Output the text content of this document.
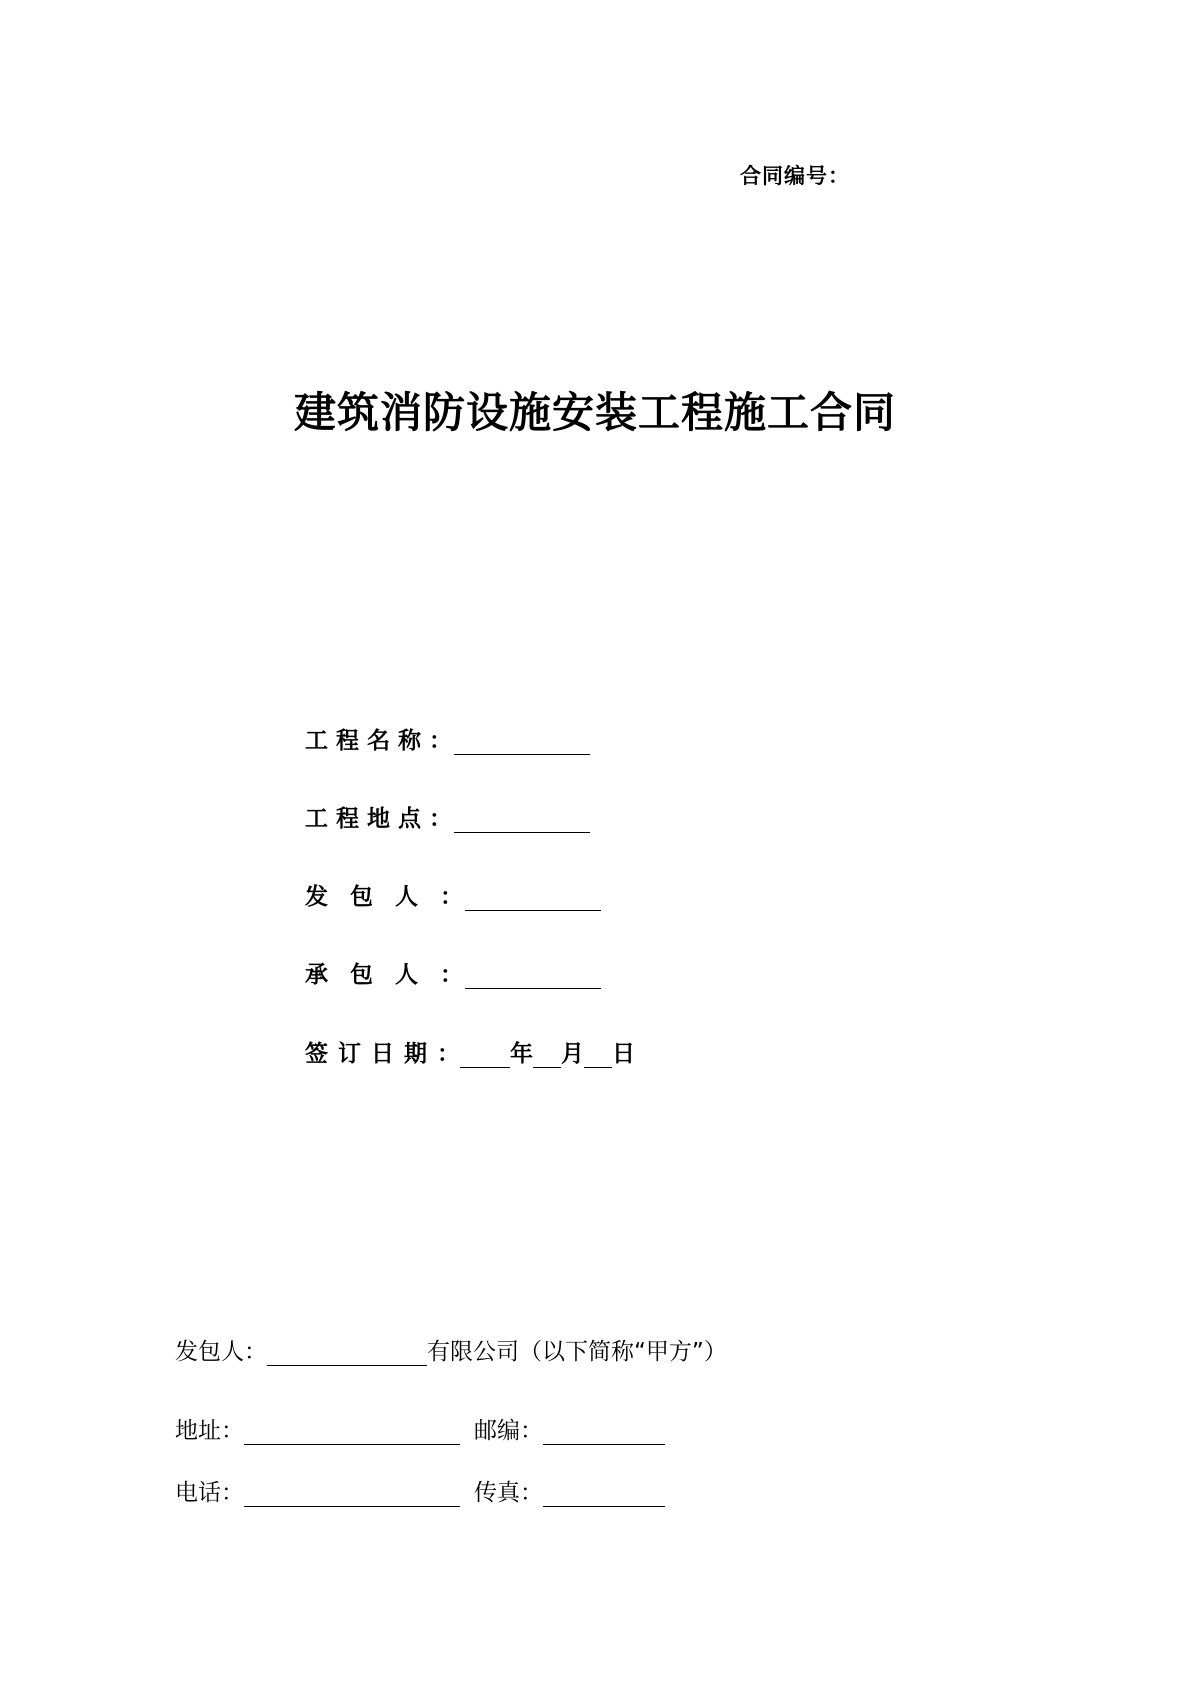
合同编号：
建筑消防设施安装工程施工合同
工程名称 ：
工程地点 ：
发包人 ：
承包人 ：
签订日期 ： 年 月 日
发包人：	有限公司（以下简称“甲方”）
地址：	邮编：
电话：	传真：
